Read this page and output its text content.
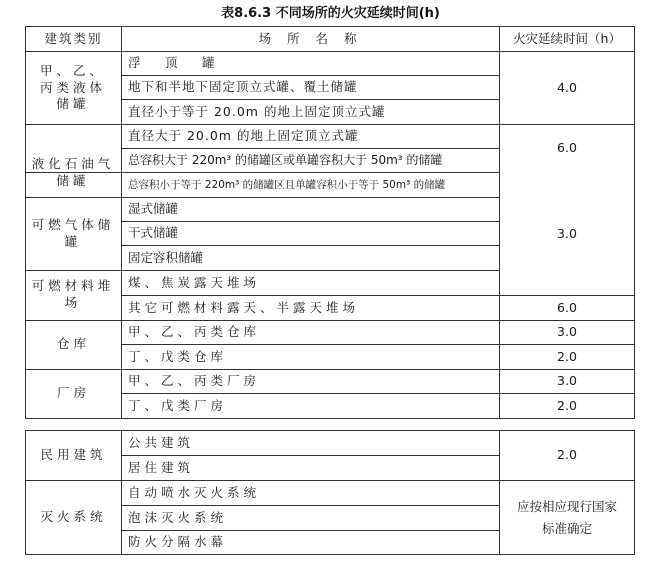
表8.6.3 不同场所的火灾延续时间(h)
建筑类别	场 所 名 称	火灾延续时间（h）
甲、乙、丙类液体储罐
液化石油气储罐
可燃气体储罐
可燃材料堆场
仓库
厂房
浮　顶　罐
地下和半地下固定顶立式罐、覆土储罐
直径小于等于 20.0m 的地上固定顶立式罐
直径大于 20.0m 的地上固定顶立式罐
总容积大于 220m³ 的储罐区或单罐容积大于 50m³ 的储罐
总容积小于等于 220m³ 的储罐区且单罐容积小于等于 50m³ 的储罐
湿式储罐
干式储罐
固定容积储罐
煤、焦炭露天堆场
其它可燃材料露天、半露天堆场
甲、乙、丙类仓库
丁、戊类仓库
甲、乙、丙类厂房
丁、戊类厂房
4.0
6.0
3.0
6.0
3.0
2.0
3.0
2.0
民用建筑
灭火系统
公共建筑
居住建筑
自动喷水灭火系统
泡沫灭火系统
防火分隔水幕
2.0
应按相应现行国家标准确定
